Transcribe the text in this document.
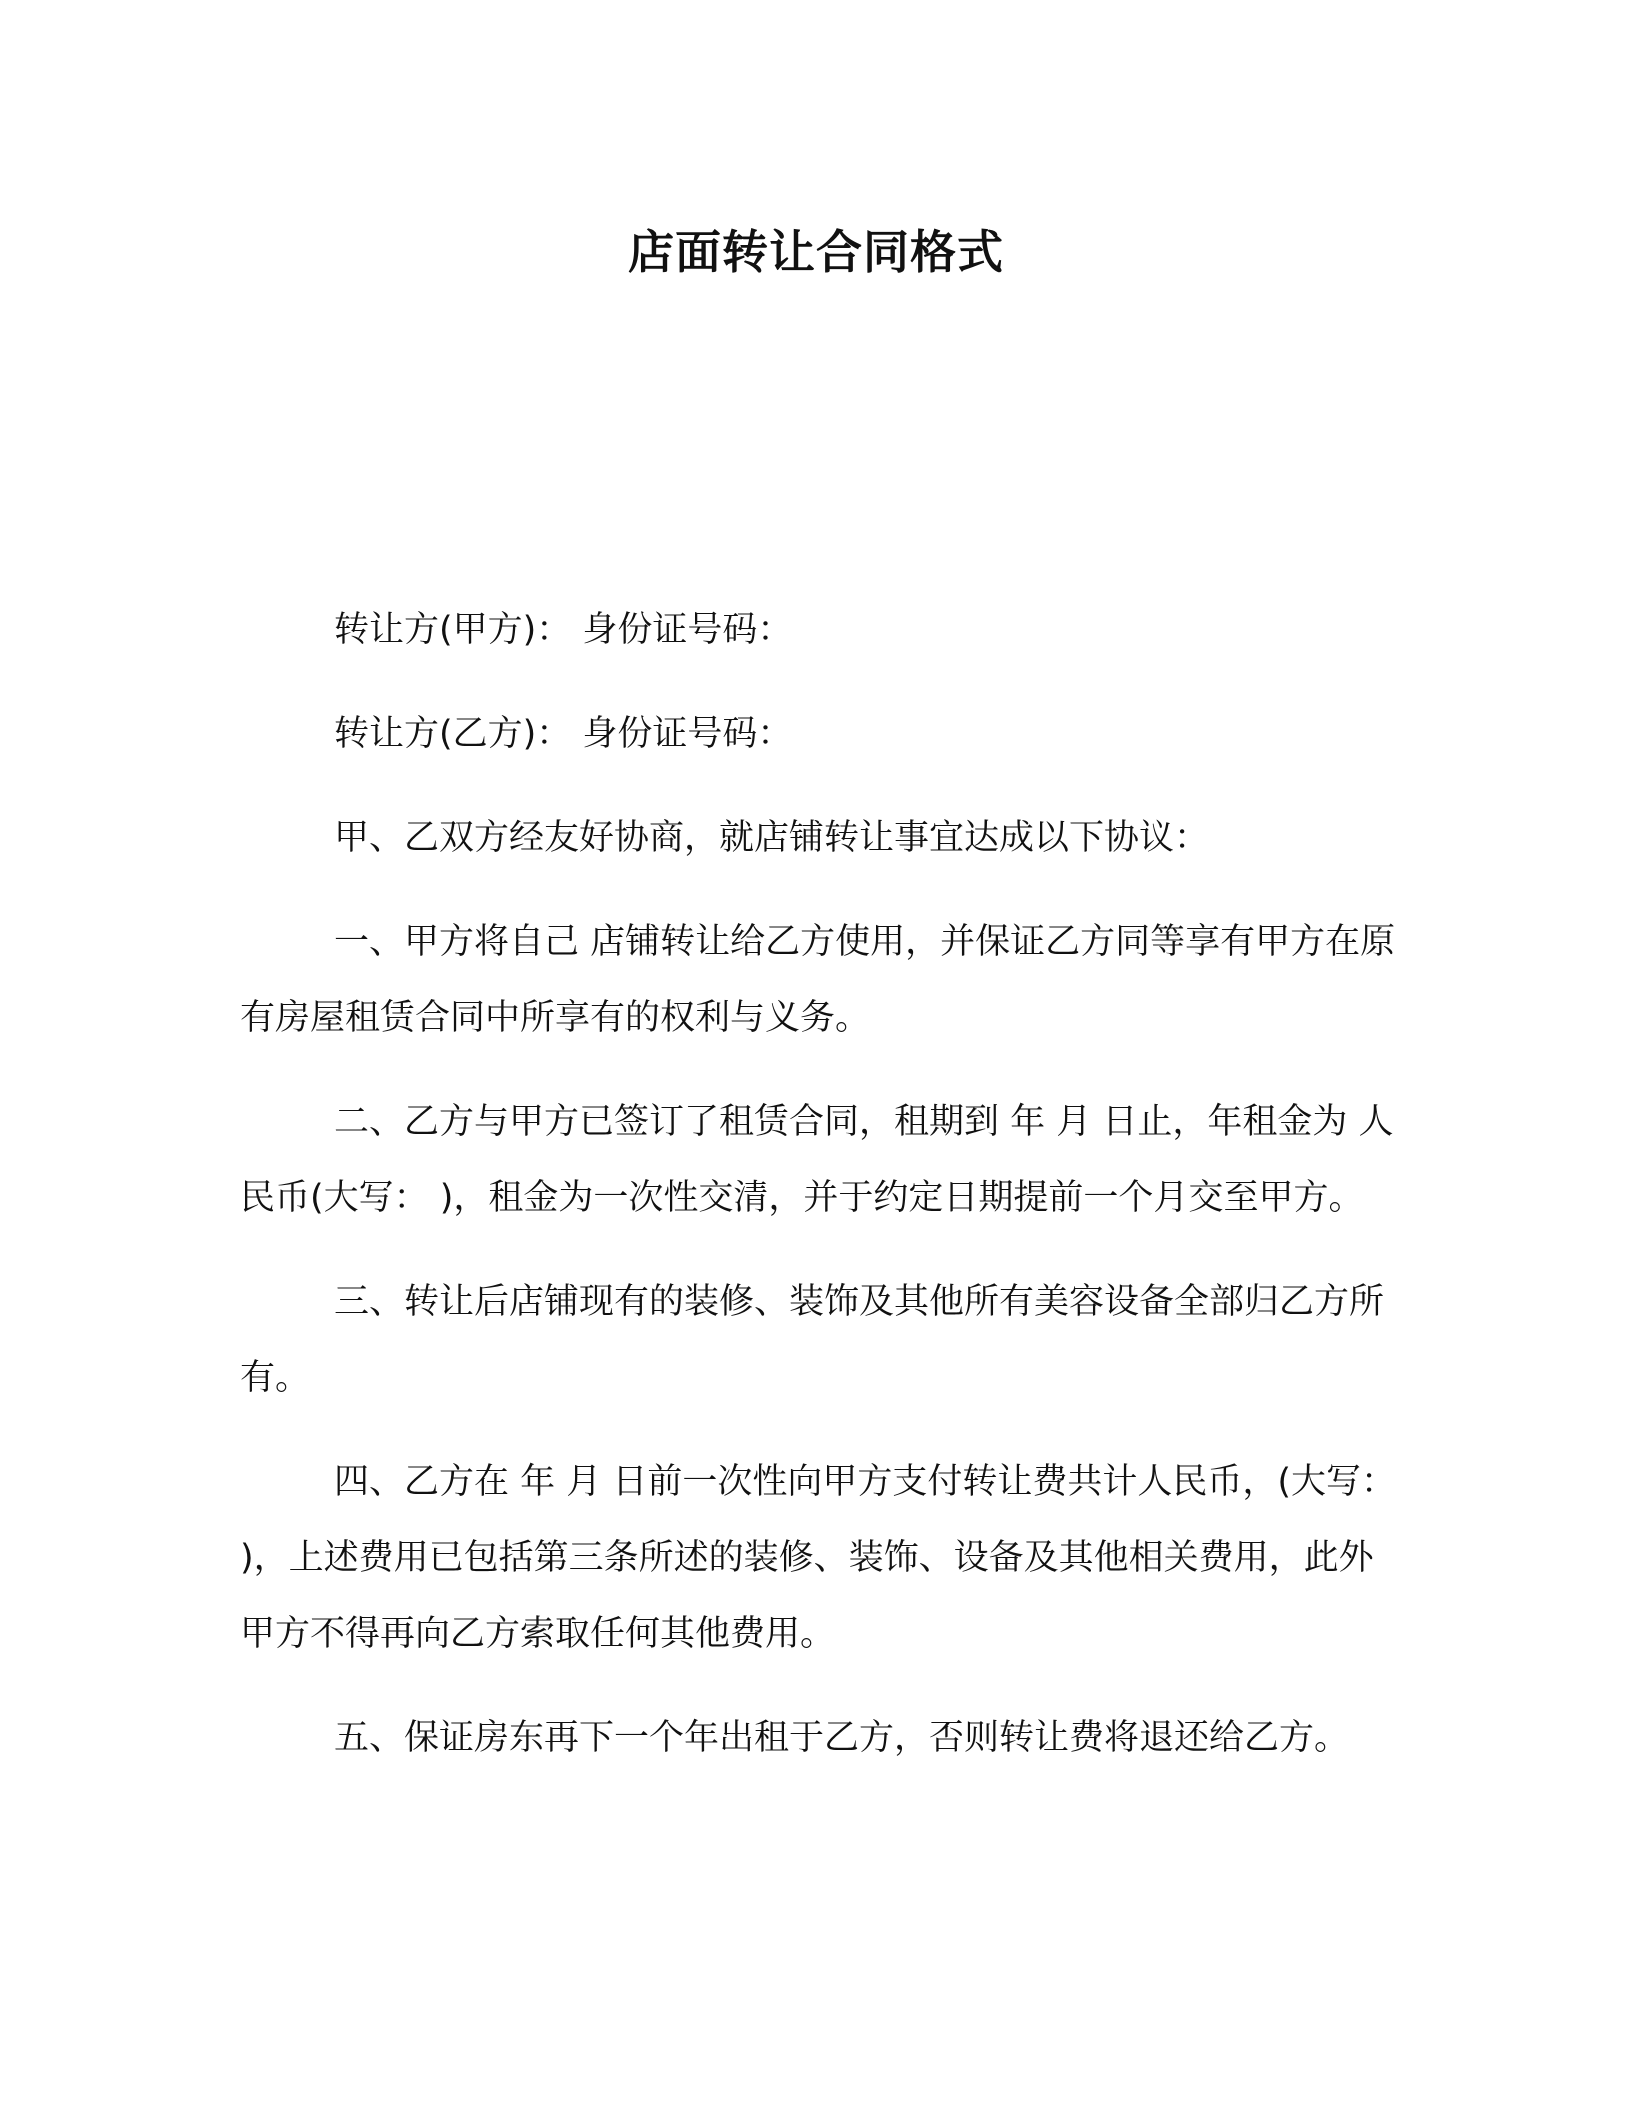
店面转让合同格式

转让方(甲方)： 身份证号码：

转让方(乙方)： 身份证号码：

甲、乙双方经友好协商，就店铺转让事宜达成以下协议：

一、甲方将自己 店铺转让给乙方使用，并保证乙方同等享有甲方在原有房屋租赁合同中所享有的权利与义务。

二、乙方与甲方已签订了租赁合同，租期到 年 月 日止，年租金为 人民币(大写： )，租金为一次性交清，并于约定日期提前一个月交至甲方。

三、转让后店铺现有的装修、装饰及其他所有美容设备全部归乙方所有。

四、乙方在 年 月 日前一次性向甲方支付转让费共计人民币，(大写： )，上述费用已包括第三条所述的装修、装饰、设备及其他相关费用，此外甲方不得再向乙方索取任何其他费用。

五、保证房东再下一个年出租于乙方，否则转让费将退还给乙方。
